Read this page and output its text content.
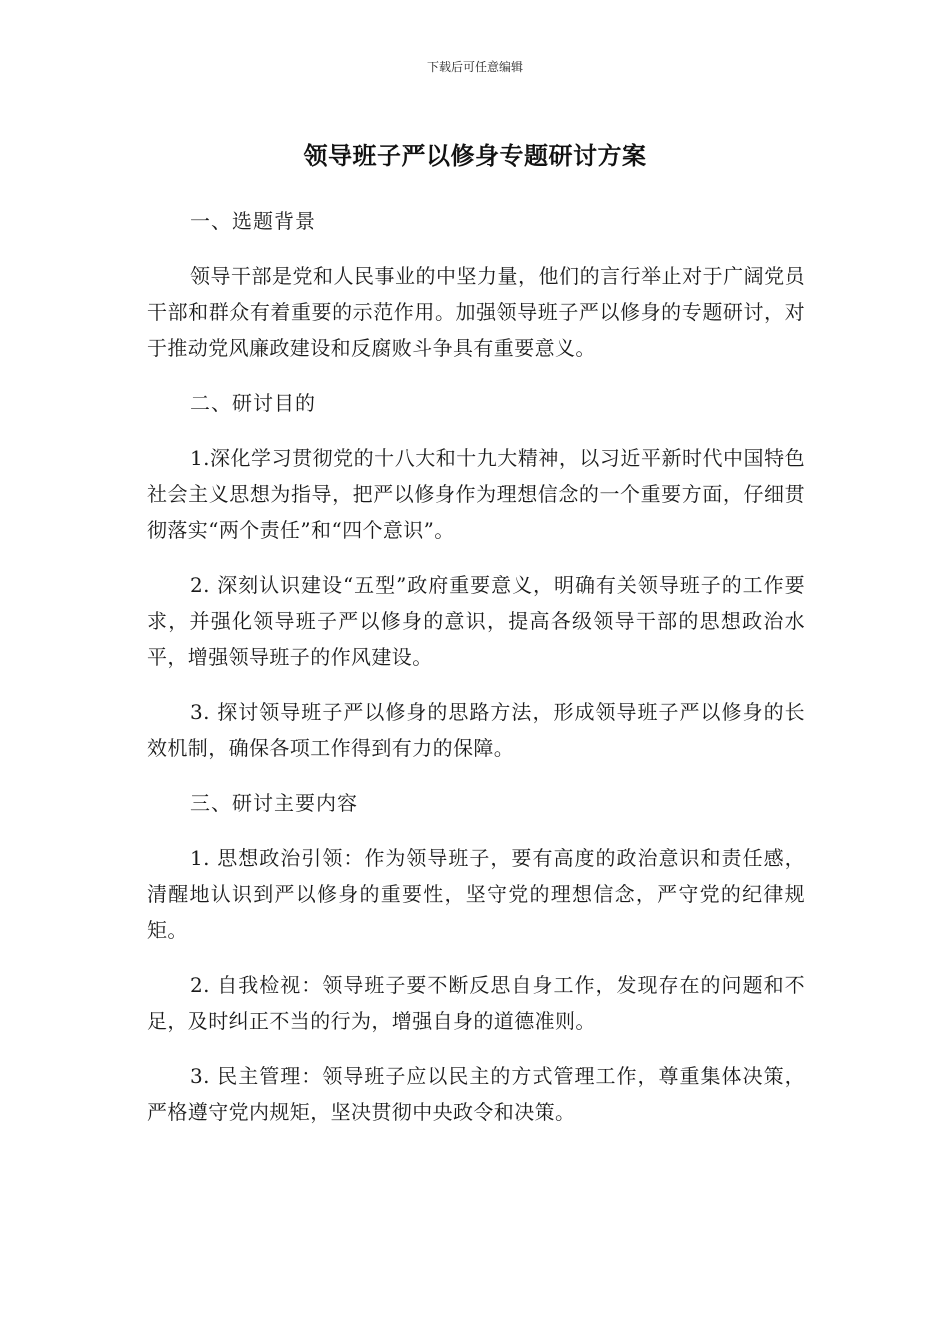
下载后可任意编辑
领导班子严以修身专题研讨方案

一、选题背景

领导干部是党和人民事业的中坚力量，他们的言行举止对于广阔党员干部和群众有着重要的示范作用。加强领导班子严以修身的专题研讨，对于推动党风廉政建设和反腐败斗争具有重要意义。

二、研讨目的

1.深化学习贯彻党的十八大和十九大精神，以习近平新时代中国特色社会主义思想为指导，把严以修身作为理想信念的一个重要方面，仔细贯彻落实“两个责任”和“四个意识”。

2. 深刻认识建设“五型”政府重要意义，明确有关领导班子的工作要求，并强化领导班子严以修身的意识，提高各级领导干部的思想政治水平，增强领导班子的作风建设。

3. 探讨领导班子严以修身的思路方法，形成领导班子严以修身的长效机制，确保各项工作得到有力的保障。

三、研讨主要内容

1. 思想政治引领：作为领导班子，要有高度的政治意识和责任感，清醒地认识到严以修身的重要性，坚守党的理想信念，严守党的纪律规矩。

2. 自我检视：领导班子要不断反思自身工作，发现存在的问题和不足，及时纠正不当的行为，增强自身的道德准则。

3. 民主管理：领导班子应以民主的方式管理工作，尊重集体决策，严格遵守党内规矩，坚决贯彻中央政令和决策。
